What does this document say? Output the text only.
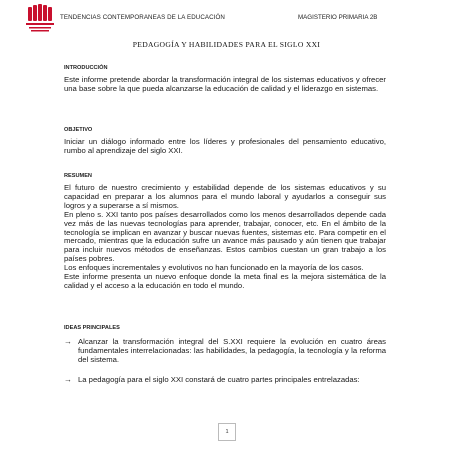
TENDENCIAS CONTEMPORANEAS DE LA EDUCACIÓN	MAGISTERIO PRIMARIA 2B
PEDAGOGÍA Y HABILIDADES PARA EL SIGLO XXI
INTRODUCCIÓN
Este informe pretende abordar la transformación integral de los sistemas educativos y ofrecer una base sobre la que pueda alcanzarse la educación de calidad y el liderazgo en sistemas.
OBJETIVO
Iniciar un diálogo informado entre los líderes y profesionales del pensamiento educativo, rumbo al aprendizaje del siglo XXI.
RESUMEN

El futuro de nuestro crecimiento y estabilidad depende de los sistemas educativos y su capacidad en preparar a los alumnos para el mundo laboral y ayudarlos a conseguir sus logros y a superarse a sí mismos.

En pleno s. XXI tanto pos países desarrollados como los menos desarrollados depende cada vez más de las nuevas tecnologías para aprender, trabajar, conocer, etc. En el ámbito de la tecnología se implican en avanzar y buscar nuevas fuentes, sistemas etc. Para competir en el mercado, mientras que la educación sufre un avance más pausado y aún tienen que trabajar para incluir nuevos métodos de enseñanzas. Estos cambios cuestan un gran trabajo a los países pobres.

Los enfoques incrementales y evolutivos no han funcionado en la mayoría de los casos.

Este informe presenta un nuevo enfoque donde la meta final es la mejora sistemática de la calidad y el acceso a la educación en todo el mundo.

IDEAS PRINCIPALES
→ Alcanzar la transformación integral del S.XXI requiere la evolución en cuatro áreas fundamentales interrelacionadas: las habilidades, la pedagogía, la tecnología y la reforma del sistema.
→ La pedagogía para el siglo XXI constará de cuatro partes principales entrelazadas:
1
